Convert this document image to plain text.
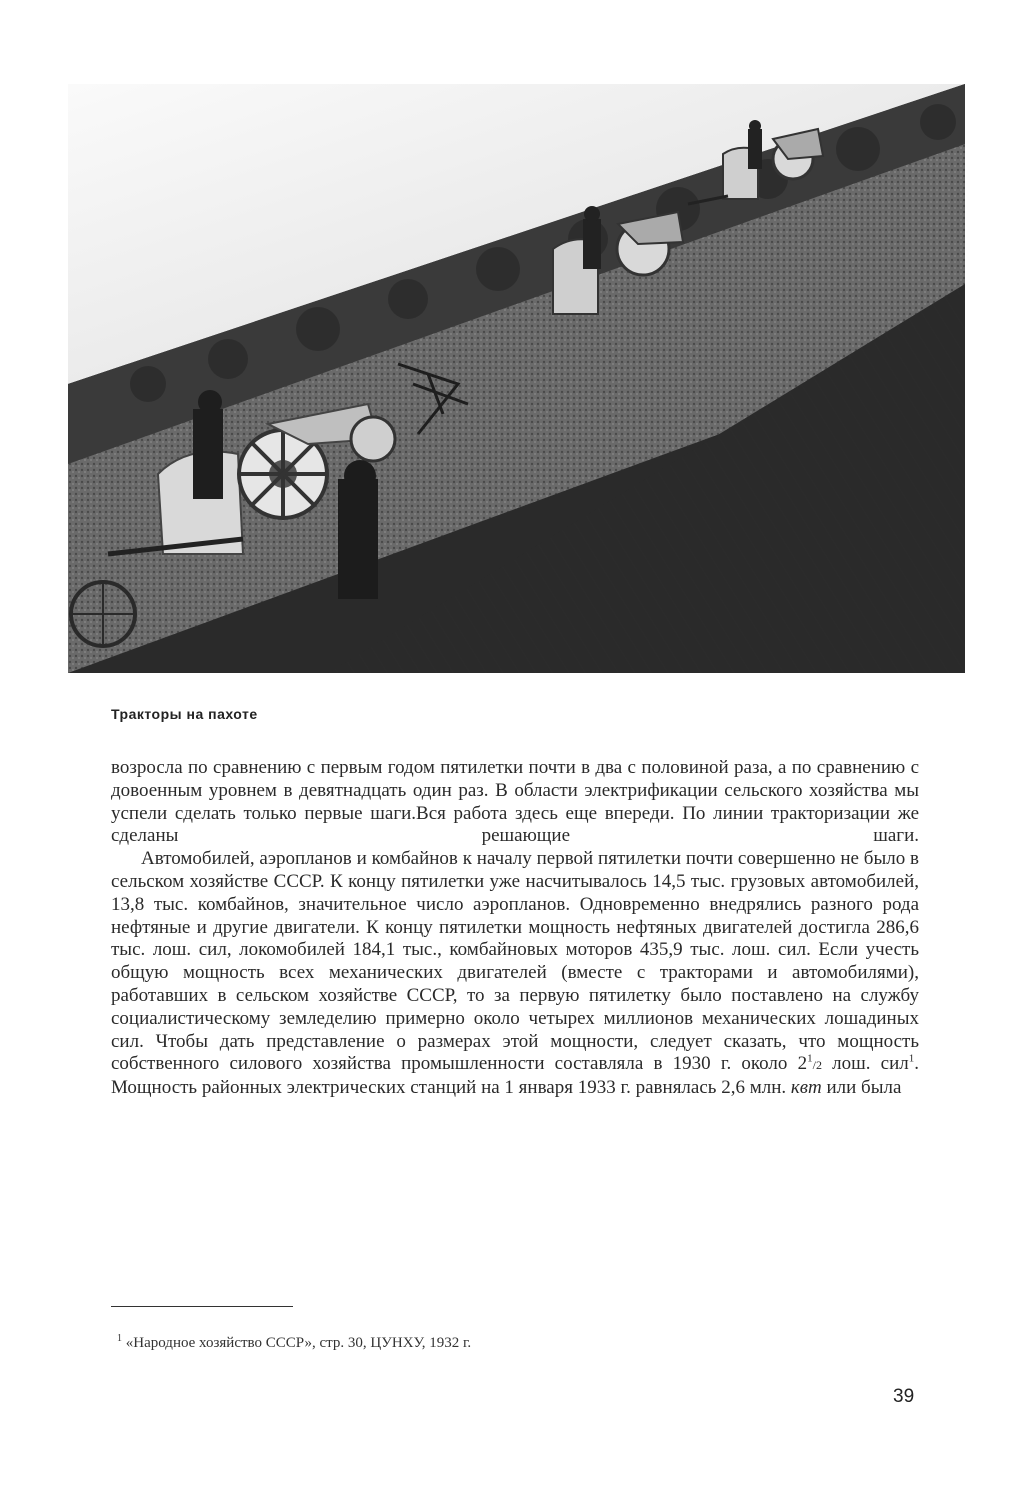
Тракторы на пахоте

возросла по сравнению с первым годом пятилетки почти в два с половиной раза, а по сравнению с довоенным уровнем в девятнадцать один раз. В области электрификации сельского хозяйства мы успели сделать только первые шаги.Вся работа здесь еще впереди. По линии тракторизации же сделаны решающие шаги.

Автомобилей, аэропланов и комбайнов к началу первой пятилетки почти совершенно не было в сельском хозяйстве СССР. К концу пятилетки уже насчитывалось 14,5 тыс. грузовых автомобилей, 13,8 тыс. комбайнов, значительное число аэропланов. Одновременно внедрялись разного рода нефтяные и другие двигатели. К концу пятилетки мощность нефтяных двигателей достигла 286,6 тыс. лош. сил, локомобилей 184,1 тыс., комбайновых моторов 435,9 тыс. лош. сил. Если учесть общую мощность всех механических двигателей (вместе с тракторами и автомобилями), работавших в сельском хозяйстве СССР, то за первую пятилетку было поставлено на службу социалистическому земледелию примерно около четырех миллионов механических лошадиных сил. Чтобы дать представление о размерах этой мощности, следует сказать, что мощность собственного силового хозяйства промышленности составляла в 1930 г. около $2^1/2$ лош. сил$^1$. Мощность районных электрических станций на 1 января 1933 г. равнялась 2,6 млн. квт или была

$^1$ «Народное хозяйство СССР», стр. 30, ЦУНХУ, 1932 г.
39
